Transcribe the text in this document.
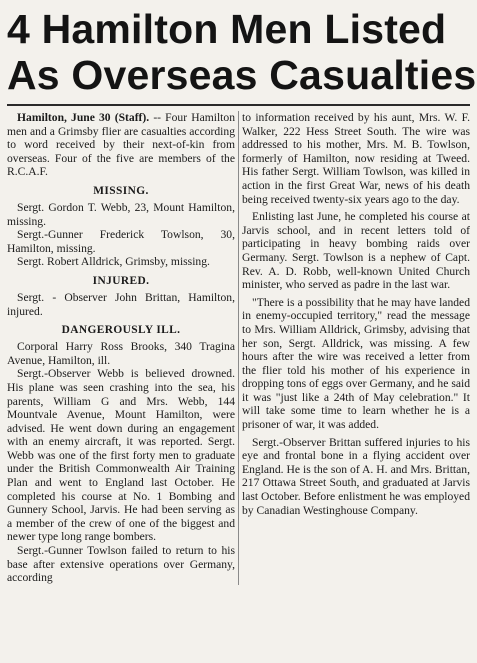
4 Hamilton Men Listed
As Overseas Casualties

Hamilton, June 30 (Staff). -- Four Hamilton men and a Grimsby flier are casualties according to word received by their next-of-kin from overseas. Four of the five are members of the R.C.A.F.

MISSING.

Sergt. Gordon T. Webb, 23, Mount Hamilton, missing.

Sergt.-Gunner Frederick Towlson, 30, Hamilton, missing.

Sergt. Robert Alldrick, Grimsby, missing.

INJURED.

Sergt. - Observer John Brittan, Hamilton, injured.

DANGEROUSLY ILL.

Corporal Harry Ross Brooks, 340 Tragina Avenue, Hamilton, ill.

Sergt.-Observer Webb is believed drowned. His plane was seen crashing into the sea, his parents, William G and Mrs. Webb, 144 Mountvale Avenue, Mount Hamilton, were advised. He went down during an engagement with an enemy aircraft, it was reported. Sergt. Webb was one of the first forty men to graduate under the British Commonwealth Air Training Plan and went to England last October. He completed his course at No. 1 Bombing and Gunnery School, Jarvis. He had been serving as a member of the crew of one of the biggest and newer type long range bombers.

Sergt.-Gunner Towlson failed to return to his base after extensive operations over Germany, according

to information received by his aunt, Mrs. W. F. Walker, 222 Hess Street South. The wire was addressed to his mother, Mrs. M. B. Towlson, formerly of Hamilton, now residing at Tweed. His father Sergt. William Towlson, was killed in action in the first Great War, news of his death being received twenty-six years ago to the day.

Enlisting last June, he completed his course at Jarvis school, and in recent letters told of participating in heavy bombing raids over Germany. Sergt. Towlson is a nephew of Capt. Rev. A. D. Robb, well-known United Church minister, who served as padre in the last war.

"There is a possibility that he may have landed in enemy-occupied territory," read the message to Mrs. William Alldrick, Grimsby, advising that her son, Sergt. Alldrick, was missing. A few hours after the wire was received a letter from the flier told his mother of his experience in dropping tons of eggs over Germany, and he said it was "just like a 24th of May celebration." It will take some time to learn whether he is a prisoner of war, it was added.

Sergt.-Observer Brittan suffered injuries to his eye and frontal bone in a flying accident over England. He is the son of A. H. and Mrs. Brittan, 217 Ottawa Street South, and graduated at Jarvis last October. Before enlistment he was employed by Canadian Westinghouse Company.
